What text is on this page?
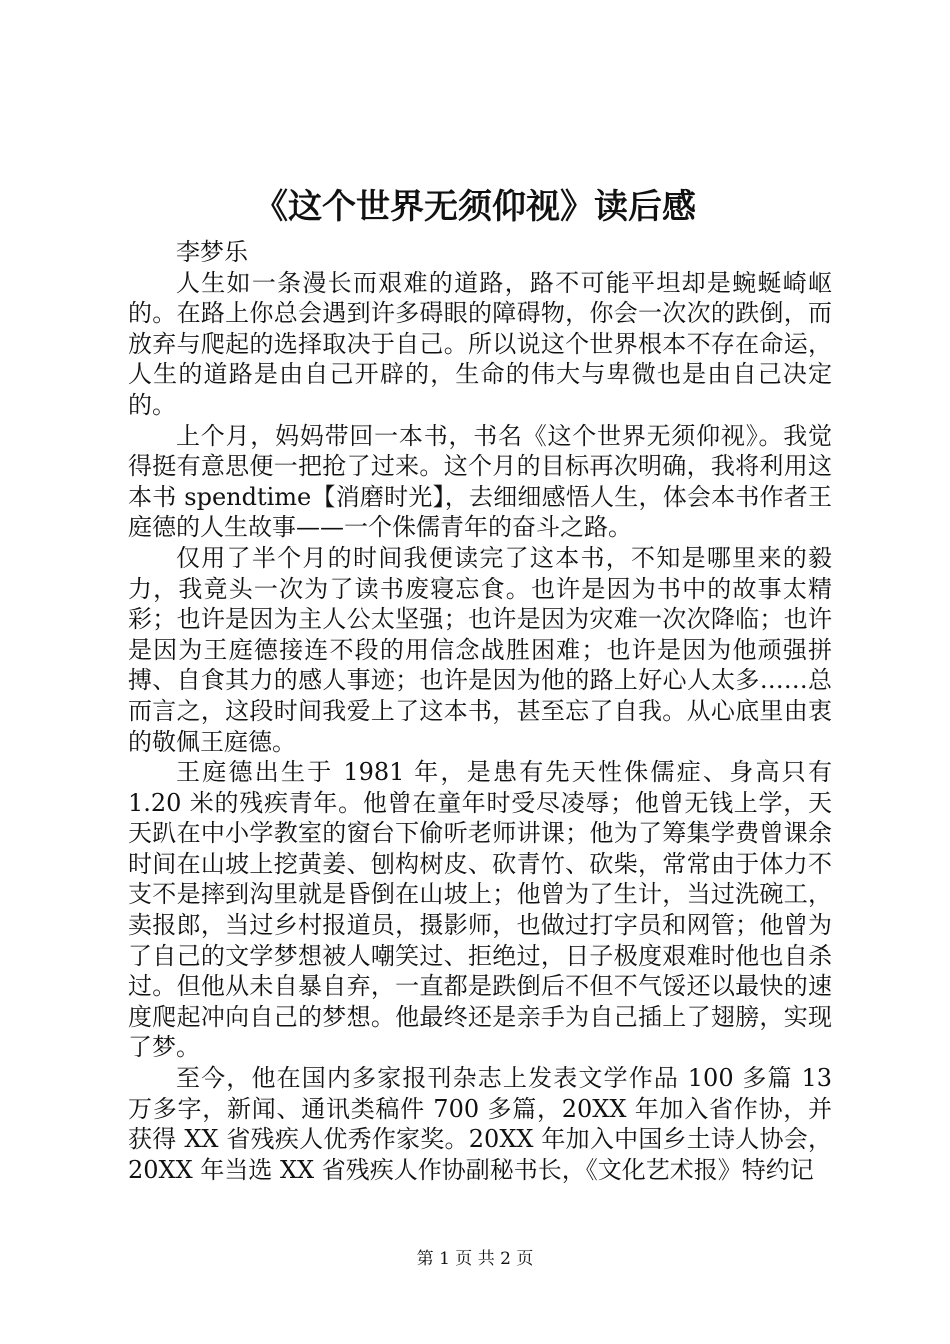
《这个世界无须仰视》读后感

李梦乐

人生如一条漫长而艰难的道路，路不可能平坦却是蜿蜒崎岖的。在路上你总会遇到许多碍眼的障碍物，你会一次次的跌倒，而放弃与爬起的选择取决于自己。所以说这个世界根本不存在命运，人生的道路是由自己开辟的，生命的伟大与卑微也是由自己决定的。

上个月，妈妈带回一本书，书名《这个世界无须仰视》。我觉得挺有意思便一把抢了过来。这个月的目标再次明确，我将利用这本书 spendtime【消磨时光】，去细细感悟人生，体会本书作者王庭德的人生故事——一个侏儒青年的奋斗之路。

仅用了半个月的时间我便读完了这本书，不知是哪里来的毅力，我竟头一次为了读书废寝忘食。也许是因为书中的故事太精彩；也许是因为主人公太坚强；也许是因为灾难一次次降临；也许是因为王庭德接连不段的用信念战胜困难；也许是因为他顽强拼搏、自食其力的感人事迹；也许是因为他的路上好心人太多……总而言之，这段时间我爱上了这本书，甚至忘了自我。从心底里由衷的敬佩王庭德。

王庭德出生于 1981 年，是患有先天性侏儒症、身高只有 1.20 米的残疾青年。他曾在童年时受尽凌辱；他曾无钱上学，天天趴在中小学教室的窗台下偷听老师讲课；他为了筹集学费曾课余时间在山坡上挖黄姜、刨构树皮、砍青竹、砍柴，常常由于体力不支不是摔到沟里就是昏倒在山坡上；他曾为了生计，当过洗碗工，卖报郎，当过乡村报道员，摄影师，也做过打字员和网管；他曾为了自己的文学梦想被人嘲笑过、拒绝过，日子极度艰难时他也自杀过。但他从未自暴自弃，一直都是跌倒后不但不气馁还以最快的速度爬起冲向自己的梦想。他最终还是亲手为自己插上了翅膀，实现了梦。

至今，他在国内多家报刊杂志上发表文学作品 100 多篇 13 万多字，新闻、通讯类稿件 700 多篇，20XX 年加入省作协，并获得 XX 省残疾人优秀作家奖。20XX 年加入中国乡土诗人协会，20XX 年当选 XX 省残疾人作协副秘书长，《文化艺术报》特约记

第 1 页 共 2 页
